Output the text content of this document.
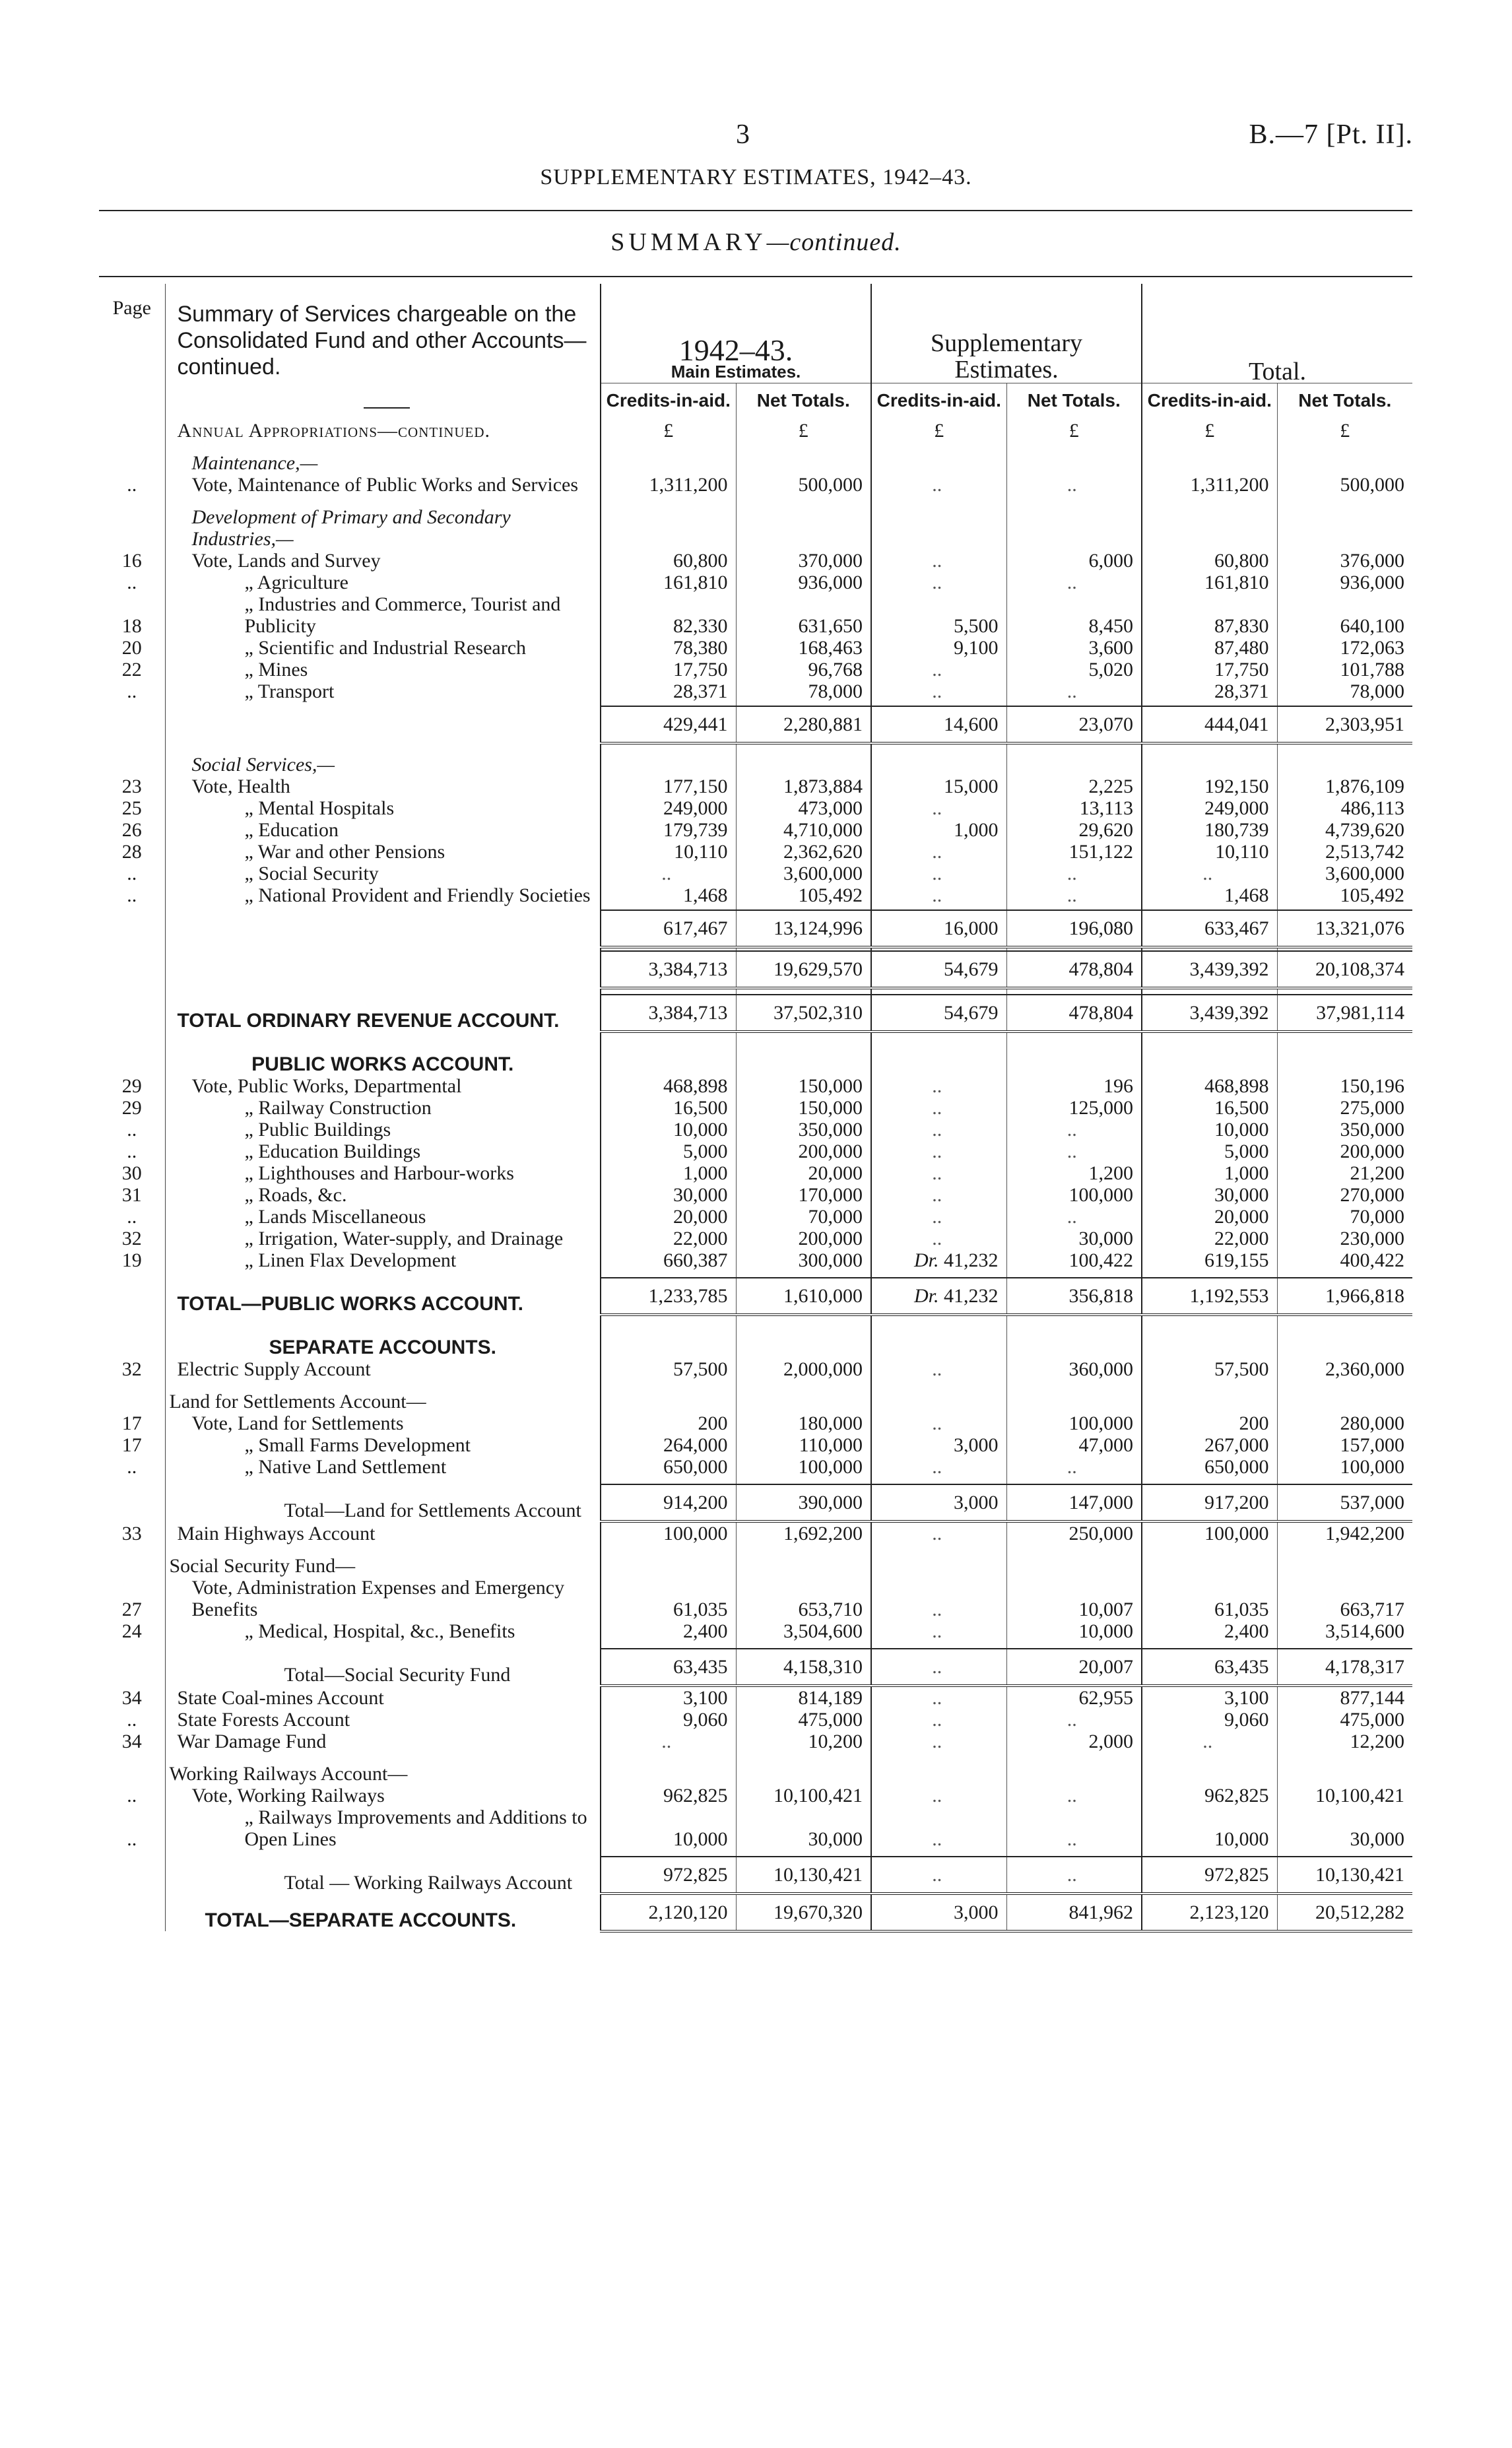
3	B.—7 [Pt. II].
SUPPLEMENTARY ESTIMATES, 1942–43.
SUMMARY—continued.
Page	Summary of Services chargeable on the Consolidated Fund and other Accounts—continued.	1942–43.
Main Estimates.		Supplementary Estimates.		Total.	

		Credits-in-aid.	Net Totals.	Credits-in-aid.	Net Totals.	Credits-in-aid.	Net Totals.
	Annual Appropriations—continued.	£	£	£	£	£	£

	Maintenance,—						
..	Vote, Maintenance of Public Works and Services	1,311,200	500,000	..	..	1,311,200	500,000

	Development of Primary and Secondary Industries,—						
16	Vote, Lands and Survey	60,800	370,000	..	6,000	60,800	376,000
..	„ Agriculture	161,810	936,000	..	..	161,810	936,000
18	„ Industries and Commerce, Tourist and Publicity	82,330	631,650	5,500	8,450	87,830	640,100
20	„ Scientific and Industrial Research	78,380	168,463	9,100	3,600	87,480	172,063
22	„ Mines	17,750	96,768	..	5,020	17,750	101,788
..	„ Transport	28,371	78,000	..	..	28,371	78,000

		429,441	2,280,881	14,600	23,070	444,041	2,303,951

	Social Services,—						
23	Vote, Health	177,150	1,873,884	15,000	2,225	192,150	1,876,109
25	„ Mental Hospitals	249,000	473,000	..	13,113	249,000	486,113
26	„ Education	179,739	4,710,000	1,000	29,620	180,739	4,739,620
28	„ War and other Pensions	10,110	2,362,620	..	151,122	10,110	2,513,742
..	„ Social Security	..	3,600,000	..	..	..	3,600,000
..	„ National Provident and Friendly Societies	1,468	105,492	..	..	1,468	105,492

		617,467	13,124,996	16,000	196,080	633,467	13,321,076

		3,384,713	19,629,570	54,679	478,804	3,439,392	20,108,374

	TOTAL ORDINARY REVENUE ACCOUNT.	3,384,713	37,502,310	54,679	478,804	3,439,392	37,981,114

	PUBLIC WORKS ACCOUNT.						
29	Vote, Public Works, Departmental	468,898	150,000	..	196	468,898	150,196
29	„ Railway Construction	16,500	150,000	..	125,000	16,500	275,000
..	„ Public Buildings	10,000	350,000	..	..	10,000	350,000
..	„ Education Buildings	5,000	200,000	..	..	5,000	200,000
30	„ Lighthouses and Harbour-works	1,000	20,000	..	1,200	1,000	21,200
31	„ Roads, &c.	30,000	170,000	..	100,000	30,000	270,000
..	„ Lands Miscellaneous	20,000	70,000	..	..	20,000	70,000
32	„ Irrigation, Water-supply, and Drainage	22,000	200,000	..	30,000	22,000	230,000
19	„ Linen Flax Development	660,387	300,000	Dr. 41,232	100,422	619,155	400,422

	TOTAL—PUBLIC WORKS ACCOUNT.	1,233,785	1,610,000	Dr. 41,232	356,818	1,192,553	1,966,818

	SEPARATE ACCOUNTS.						
32	Electric Supply Account	57,500	2,000,000	..	360,000	57,500	2,360,000

	Land for Settlements Account—						
17	Vote, Land for Settlements	200	180,000	..	100,000	200	280,000
17	„ Small Farms Development	264,000	110,000	3,000	47,000	267,000	157,000
..	„ Native Land Settlement	650,000	100,000	..	..	650,000	100,000

	Total—Land for Settlements Account	914,200	390,000	3,000	147,000	917,200	537,000
33	Main Highways Account	100,000	1,692,200	..	250,000	100,000	1,942,200

	Social Security Fund—						
27	Vote, Administration Expenses and Emergency Benefits	61,035	653,710	..	10,007	61,035	663,717
24	„ Medical, Hospital, &c., Benefits	2,400	3,504,600	..	10,000	2,400	3,514,600

	Total—Social Security Fund	63,435	4,158,310	..	20,007	63,435	4,178,317
34	State Coal-mines Account	3,100	814,189	..	62,955	3,100	877,144
..	State Forests Account	9,060	475,000	..	..	9,060	475,000
34	War Damage Fund	..	10,200	..	2,000	..	12,200

	Working Railways Account—						
..	Vote, Working Railways	962,825	10,100,421	..	..	962,825	10,100,421
..	„ Railways Improvements and Additions to Open Lines	10,000	30,000	..	..	10,000	30,000

	Total — Working Railways Account	972,825	10,130,421	..	..	972,825	10,130,421
	TOTAL—SEPARATE ACCOUNTS.	2,120,120	19,670,320	3,000	841,962	2,123,120	20,512,282
